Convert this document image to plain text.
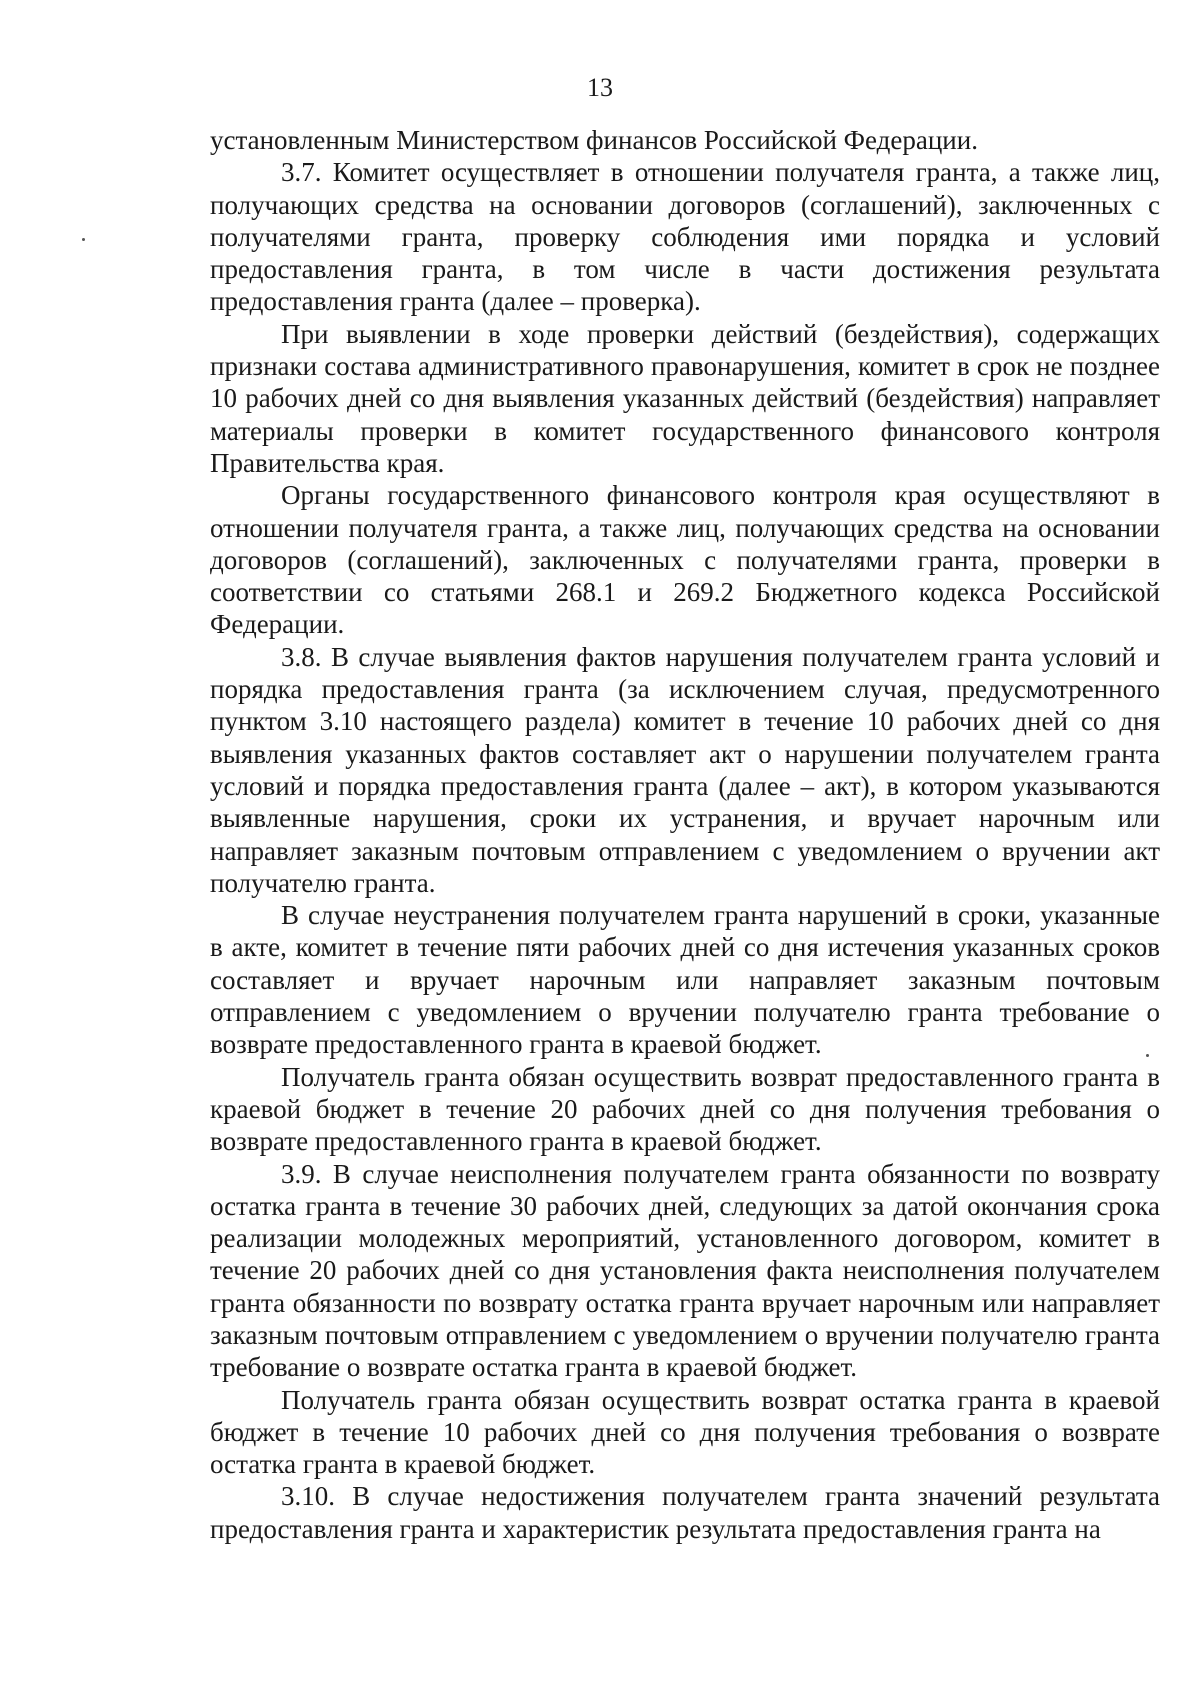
13

установленным Министерством финансов Российской Федерации.

3.7. Комитет осуществляет в отношении получателя гранта, а также лиц, получающих средства на основании договоров (соглашений), заключенных с получателями гранта, проверку соблюдения ими порядка и условий предоставления гранта, в том числе в части достижения результата предоставления гранта (далее – проверка).

При выявлении в ходе проверки действий (бездействия), содержащих признаки состава административного правонарушения, комитет в срок не позднее 10 рабочих дней со дня выявления указанных действий (бездействия) направляет материалы проверки в комитет государственного финансового контроля Правительства края.

Органы государственного финансового контроля края осуществляют в отношении получателя гранта, а также лиц, получающих средства на основании договоров (соглашений), заключенных с получателями гранта, проверки в соответствии со статьями 268.1 и 269.2 Бюджетного кодекса Российской Федерации.

3.8. В случае выявления фактов нарушения получателем гранта условий и порядка предоставления гранта (за исключением случая, предусмотренного пунктом 3.10 настоящего раздела) комитет в течение 10 рабочих дней со дня выявления указанных фактов составляет акт о нарушении получателем гранта условий и порядка предоставления гранта (далее – акт), в котором указываются выявленные нарушения, сроки их устранения, и вручает нарочным или направляет заказным почтовым отправлением с уведомлением о вручении акт получателю гранта.

В случае неустранения получателем гранта нарушений в сроки, указанные в акте, комитет в течение пяти рабочих дней со дня истечения указанных сроков составляет и вручает нарочным или направляет заказным почтовым отправлением с уведомлением о вручении получателю гранта требование о возврате предоставленного гранта в краевой бюджет.

Получатель гранта обязан осуществить возврат предоставленного гранта в краевой бюджет в течение 20 рабочих дней со дня получения требования о возврате предоставленного гранта в краевой бюджет.

3.9. В случае неисполнения получателем гранта обязанности по возврату остатка гранта в течение 30 рабочих дней, следующих за датой окончания срока реализации молодежных мероприятий, установленного договором, комитет в течение 20 рабочих дней со дня установления факта неисполнения получателем гранта обязанности по возврату остатка гранта вручает нарочным или направляет заказным почтовым отправлением с уведомлением о вручении получателю гранта требование о возврате остатка гранта в краевой бюджет.

Получатель гранта обязан осуществить возврат остатка гранта в краевой бюджет в течение 10 рабочих дней со дня получения требования о возврате остатка гранта в краевой бюджет.

3.10. В случае недостижения получателем гранта значений результата предоставления гранта и характеристик результата предоставления гранта на
